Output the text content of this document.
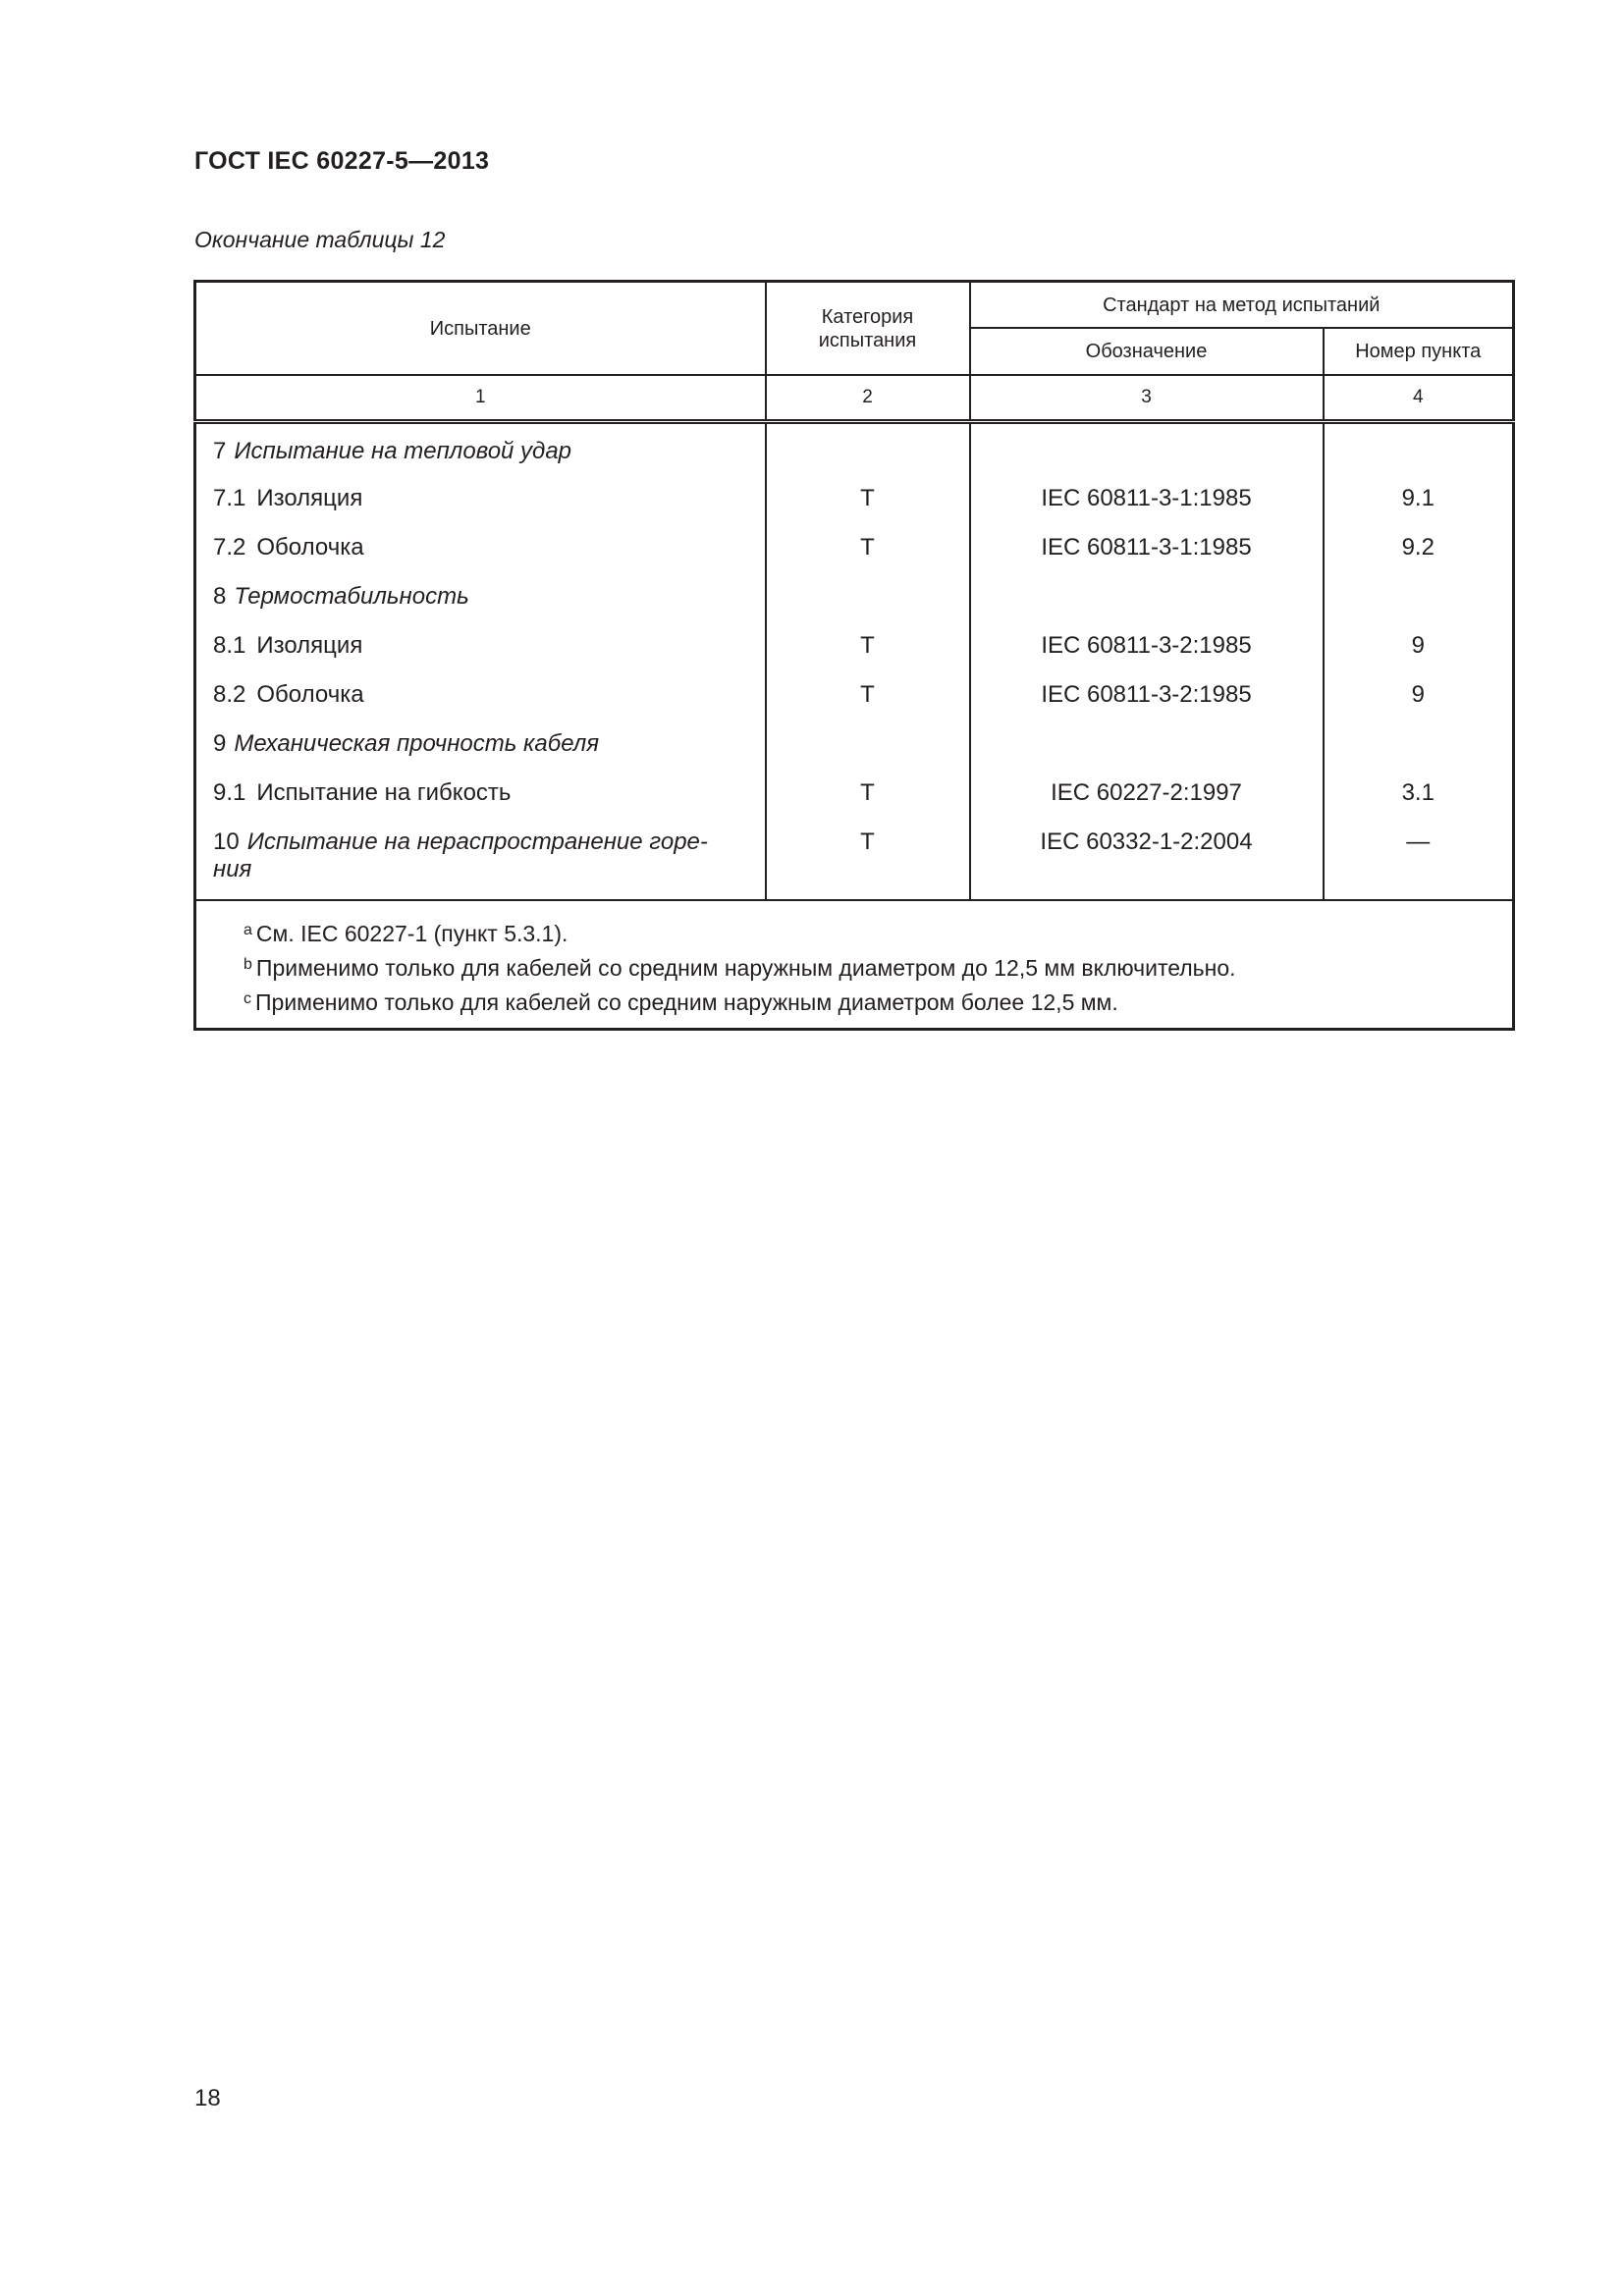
ГОСТ IEC 60227-5—2013
Окончание таблицы 12
Испытание	Категория испытания	Стандарт на метод испытаний	
		Обозначение	Номер пункта
1	2	3	4
7 Испытание на тепловой удар			
7.1 Изоляция	Т	IEC 60811-3-1:1985	9.1
7.2 Оболочка	Т	IEC 60811-3-1:1985	9.2
8 Термостабильность			
8.1 Изоляция	Т	IEC 60811-3-2:1985	9
8.2 Оболочка	Т	IEC 60811-3-2:1985	9
9 Механическая прочность кабеля			
9.1 Испытание на гибкость	Т	IEC 60227-2:1997	3.1
10 Испытание на нераспространение горе-ния	Т	IEC 60332-1-2:2004	—

$^a$ См. IEC 60227-1 (пункт 5.3.1).
$^b$ Применимо только для кабелей со средним наружным диаметром до 12,5 мм включительно.
$^c$ Применимо только для кабелей со средним наружным диаметром более 12,5 мм.			
18
